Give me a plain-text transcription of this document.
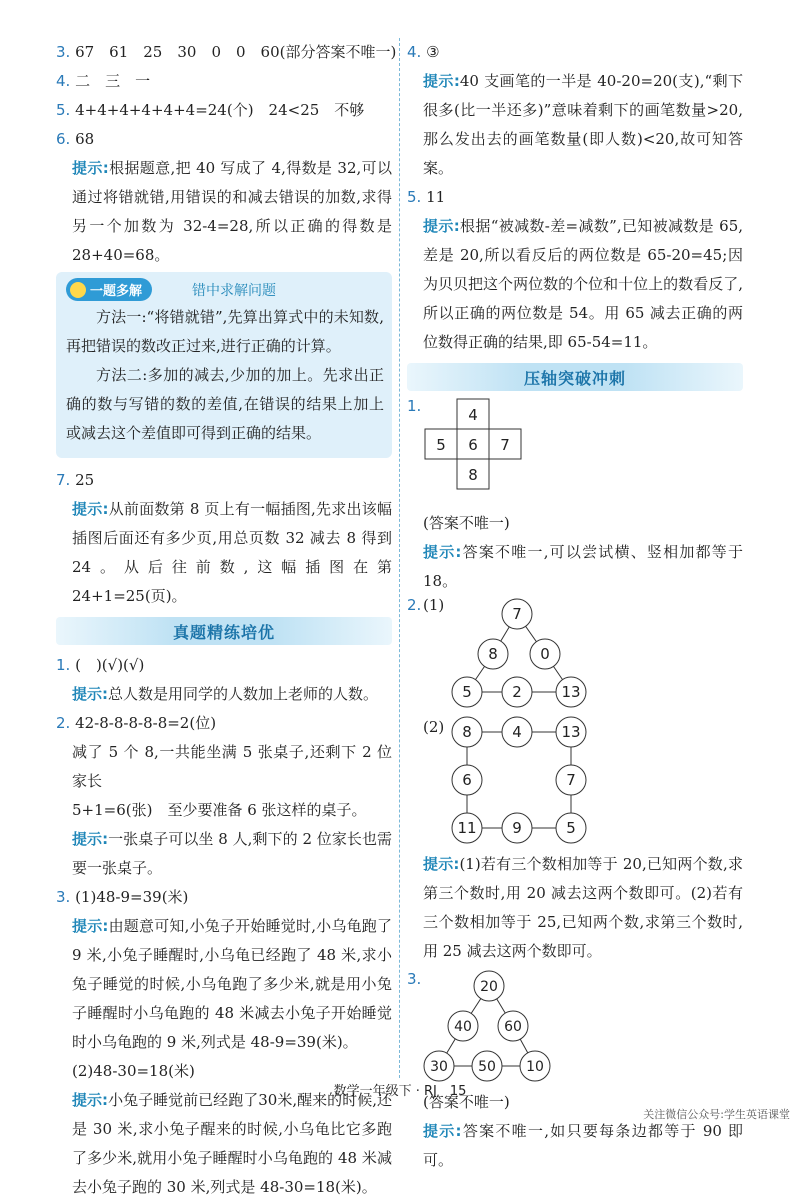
3. 67　61　25　30　0　0　60(部分答案不唯一)
4. 二　三　一
5. 4+4+4+4+4+4=24(个)　24<25　不够
6. 68
提示:根据题意,把 40 写成了 4,得数是 32,可以通过将错就错,用错误的和减去错误的加数,求得另一个加数为 32-4=28,所以正确的得数是 28+40=68。
一题多解	错中求解问题
方法一:“将错就错”,先算出算式中的未知数,再把错误的数改正过来,进行正确的计算。
方法二:多加的减去,少加的加上。先求出正确的数与写错的数的差值,在错误的结果上加上或减去这个差值即可得到正确的结果。
7. 25
提示:从前面数第 8 页上有一幅插图,先求出该幅插图后面还有多少页,用总页数 32 减去 8 得到 24。从后往前数,这幅插图在第 24+1=25(页)。
真题精练培优
1. (　)(√)(√)
提示:总人数是用同学的人数加上老师的人数。
2. 42-8-8-8-8-8=2(位)
减了 5 个 8,一共能坐满 5 张桌子,还剩下 2 位家长
5+1=6(张)　至少要准备 6 张这样的桌子。
提示:一张桌子可以坐 8 人,剩下的 2 位家长也需要一张桌子。
3. (1)48-9=39(米)
提示:由题意可知,小兔子开始睡觉时,小乌龟跑了 9 米,小兔子睡醒时,小乌龟已经跑了 48 米,求小兔子睡觉的时候,小乌龟跑了多少米,就是用小兔子睡醒时小乌龟跑的 48 米减去小兔子开始睡觉时小乌龟跑的 9 米,列式是 48-9=39(米)。
(2)48-30=18(米)
提示:小兔子睡觉前已经跑了30米,醒来的时候,还是 30 米,求小兔子醒来的时候,小乌龟比它多跑了多少米,就用小兔子睡醒时小乌龟跑的 48 米减去小兔子跑的 30 米,列式是 48-30=18(米)。
4. ③
提示:40 支画笔的一半是 40-20=20(支),“剩下很多(比一半还多)”意味着剩下的画笔数量>20,那么发出去的画笔数量(即人数)<20,故可知答案。
5. 11
提示:根据“被减数-差=减数”,已知被减数是 65,差是 20,所以看反后的两位数是 65-20=45;因为贝贝把这个两位数的个位和十位上的数看反了,所以正确的两位数是 54。用 65 减去正确的两位数得正确的结果,即 65-54=11。
压轴突破冲刺
1.	4
5 6 7
8
(答案不唯一)
提示:答案不唯一,可以尝试横、竖相加都等于 18。
2. (1)	7
8	0
5	2	13
(2) 8	4	13
6	7
11 9	5
提示:(1)若有三个数相加等于 20,已知两个数,求第三个数时,用 20 减去这两个数即可。(2)若有三个数相加等于 25,已知两个数,求第三个数时,用 25 减去这两个数即可。
3.	20
40 60
30 50 10
(答案不唯一)
提示:答案不唯一,如只要每条边都等于 90 即可。
数学一年级下 · RJ　15
关注微信公众号:学生英语课堂
